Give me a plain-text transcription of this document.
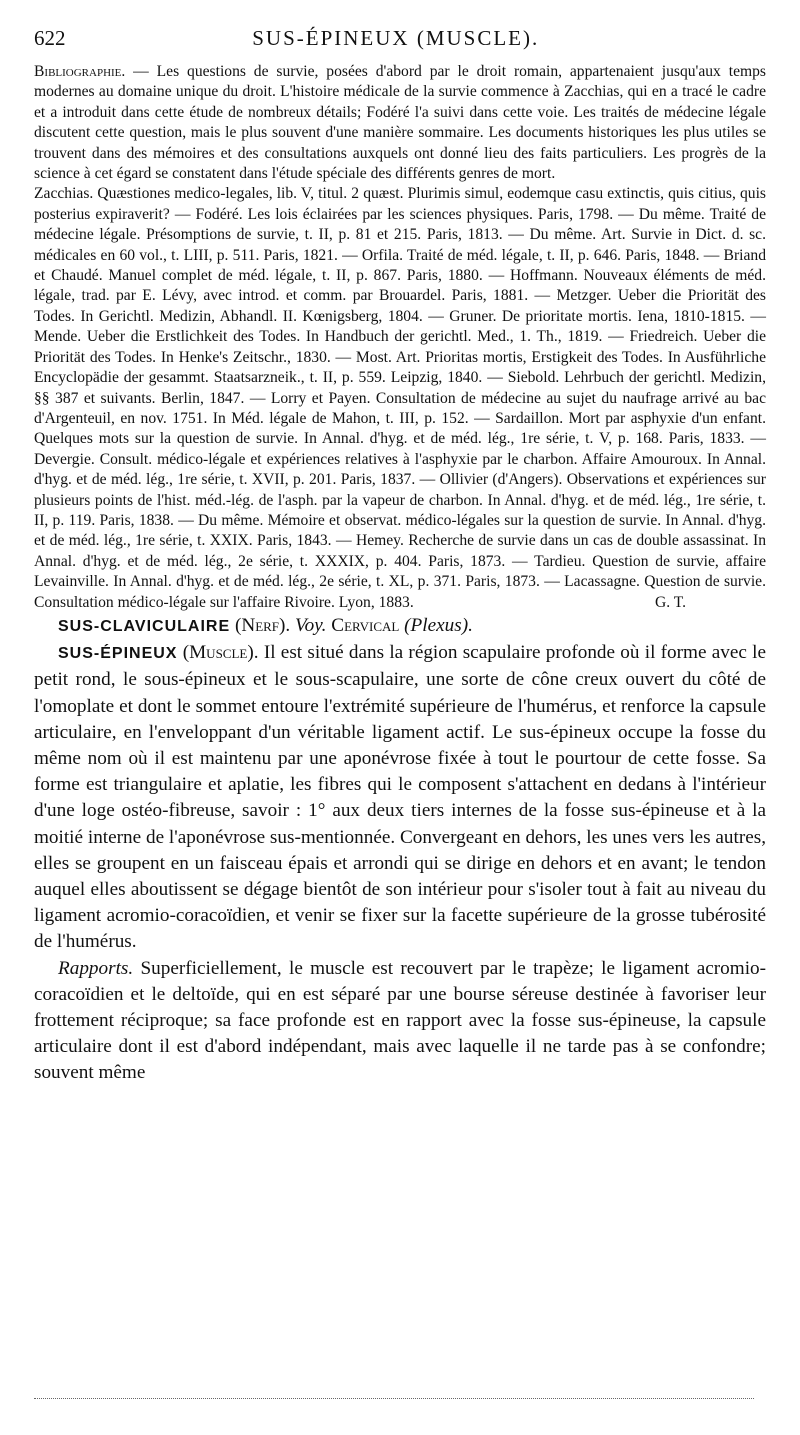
622	SUS-ÉPINEUX (MUSCLE).

Bibliographie. — Les questions de survie, posées d'abord par le droit romain, appartenaient jusqu'aux temps modernes au domaine unique du droit. L'histoire médicale de la survie commence à Zacchias, qui en a tracé le cadre et a introduit dans cette étude de nombreux détails; Fodéré l'a suivi dans cette voie. Les traités de médecine légale discutent cette question, mais le plus souvent d'une manière sommaire. Les documents historiques les plus utiles se trouvent dans des mémoires et des consultations auxquels ont donné lieu des faits particuliers. Les progrès de la science à cet égard se constatent dans l'étude spéciale des différents genres de mort.

Zacchias. Quæstiones medico-legales, lib. V, titul. 2 quæst. Plurimis simul, eodemque casu extinctis, quis citius, quis posterius expiraverit? — Fodéré. Les lois éclairées par les sciences physiques. Paris, 1798. — Du même. Traité de médecine légale. Présomptions de survie, t. II, p. 81 et 215. Paris, 1813. — Du même. Art. Survie in Dict. d. sc. médicales en 60 vol., t. LIII, p. 511. Paris, 1821. — Orfila. Traité de méd. légale, t. II, p. 646. Paris, 1848. — Briand et Chaudé. Manuel complet de méd. légale, t. II, p. 867. Paris, 1880. — Hoffmann. Nouveaux éléments de méd. légale, trad. par E. Lévy, avec introd. et comm. par Brouardel. Paris, 1881. — Metzger. Ueber die Priorität des Todes. In Gerichtl. Medizin, Abhandl. II. Kœnigsberg, 1804. — Gruner. De prioritate mortis. Iena, 1810-1815. — Mende. Ueber die Erstlichkeit des Todes. In Handbuch der gerichtl. Med., 1. Th., 1819. — Friedreich. Ueber die Priorität des Todes. In Henke's Zeitschr., 1830. — Most. Art. Prioritas mortis, Erstigkeit des Todes. In Ausführliche Encyclopädie der gesammt. Staatsarzneik., t. II, p. 559. Leipzig, 1840. — Siebold. Lehrbuch der gerichtl. Medizin, §§ 387 et suivants. Berlin, 1847. — Lorry et Payen. Consultation de médecine au sujet du naufrage arrivé au bac d'Argenteuil, en nov. 1751. In Méd. légale de Mahon, t. III, p. 152. — Sardaillon. Mort par asphyxie d'un enfant. Quelques mots sur la question de survie. In Annal. d'hyg. et de méd. lég., 1re série, t. V, p. 168. Paris, 1833. — Devergie. Consult. médico-légale et expériences relatives à l'asphyxie par le charbon. Affaire Amouroux. In Annal. d'hyg. et de méd. lég., 1re série, t. XVII, p. 201. Paris, 1837. — Ollivier (d'Angers). Observations et expériences sur plusieurs points de l'hist. méd.-lég. de l'asph. par la vapeur de charbon. In Annal. d'hyg. et de méd. lég., 1re série, t. II, p. 119. Paris, 1838. — Du même. Mémoire et observat. médico-légales sur la question de survie. In Annal. d'hyg. et de méd. lég., 1re série, t. XXIX. Paris, 1843. — Hemey. Recherche de survie dans un cas de double assassinat. In Annal. d'hyg. et de méd. lég., 2e série, t. XXXIX, p. 404. Paris, 1873. — Tardieu. Question de survie, affaire Levainville. In Annal. d'hyg. et de méd. lég., 2e série, t. XL, p. 371. Paris, 1873. — Lacassagne. Question de survie. Consultation médico-légale sur l'affaire Rivoire. Lyon, 1883.	G. T.

SUS-CLAVICULAIRE (Nerf). Voy. Cervical (Plexus).

SUS-ÉPINEUX (Muscle). Il est situé dans la région scapulaire profonde où il forme avec le petit rond, le sous-épineux et le sous-scapulaire, une sorte de cône creux ouvert du côté de l'omoplate et dont le sommet entoure l'extrémité supérieure de l'humérus, et renforce la capsule articulaire, en l'enveloppant d'un véritable ligament actif. Le sus-épineux occupe la fosse du même nom où il est maintenu par une aponévrose fixée à tout le pourtour de cette fosse. Sa forme est triangulaire et aplatie, les fibres qui le composent s'attachent en dedans à l'intérieur d'une loge ostéo-fibreuse, savoir : 1° aux deux tiers internes de la fosse sus-épineuse et à la moitié interne de l'aponévrose sus-mentionnée. Convergeant en dehors, les unes vers les autres, elles se groupent en un faisceau épais et arrondi qui se dirige en dehors et en avant; le tendon auquel elles aboutissent se dégage bientôt de son intérieur pour s'isoler tout à fait au niveau du ligament acromio-coracoïdien, et venir se fixer sur la facette supérieure de la grosse tubérosité de l'humérus.

Rapports. Superficiellement, le muscle est recouvert par le trapèze; le ligament acromio-coracoïdien et le deltoïde, qui en est séparé par une bourse séreuse destinée à favoriser leur frottement réciproque; sa face profonde est en rapport avec la fosse sus-épineuse, la capsule articulaire dont il est d'abord indépendant, mais avec laquelle il ne tarde pas à se confondre; souvent même
